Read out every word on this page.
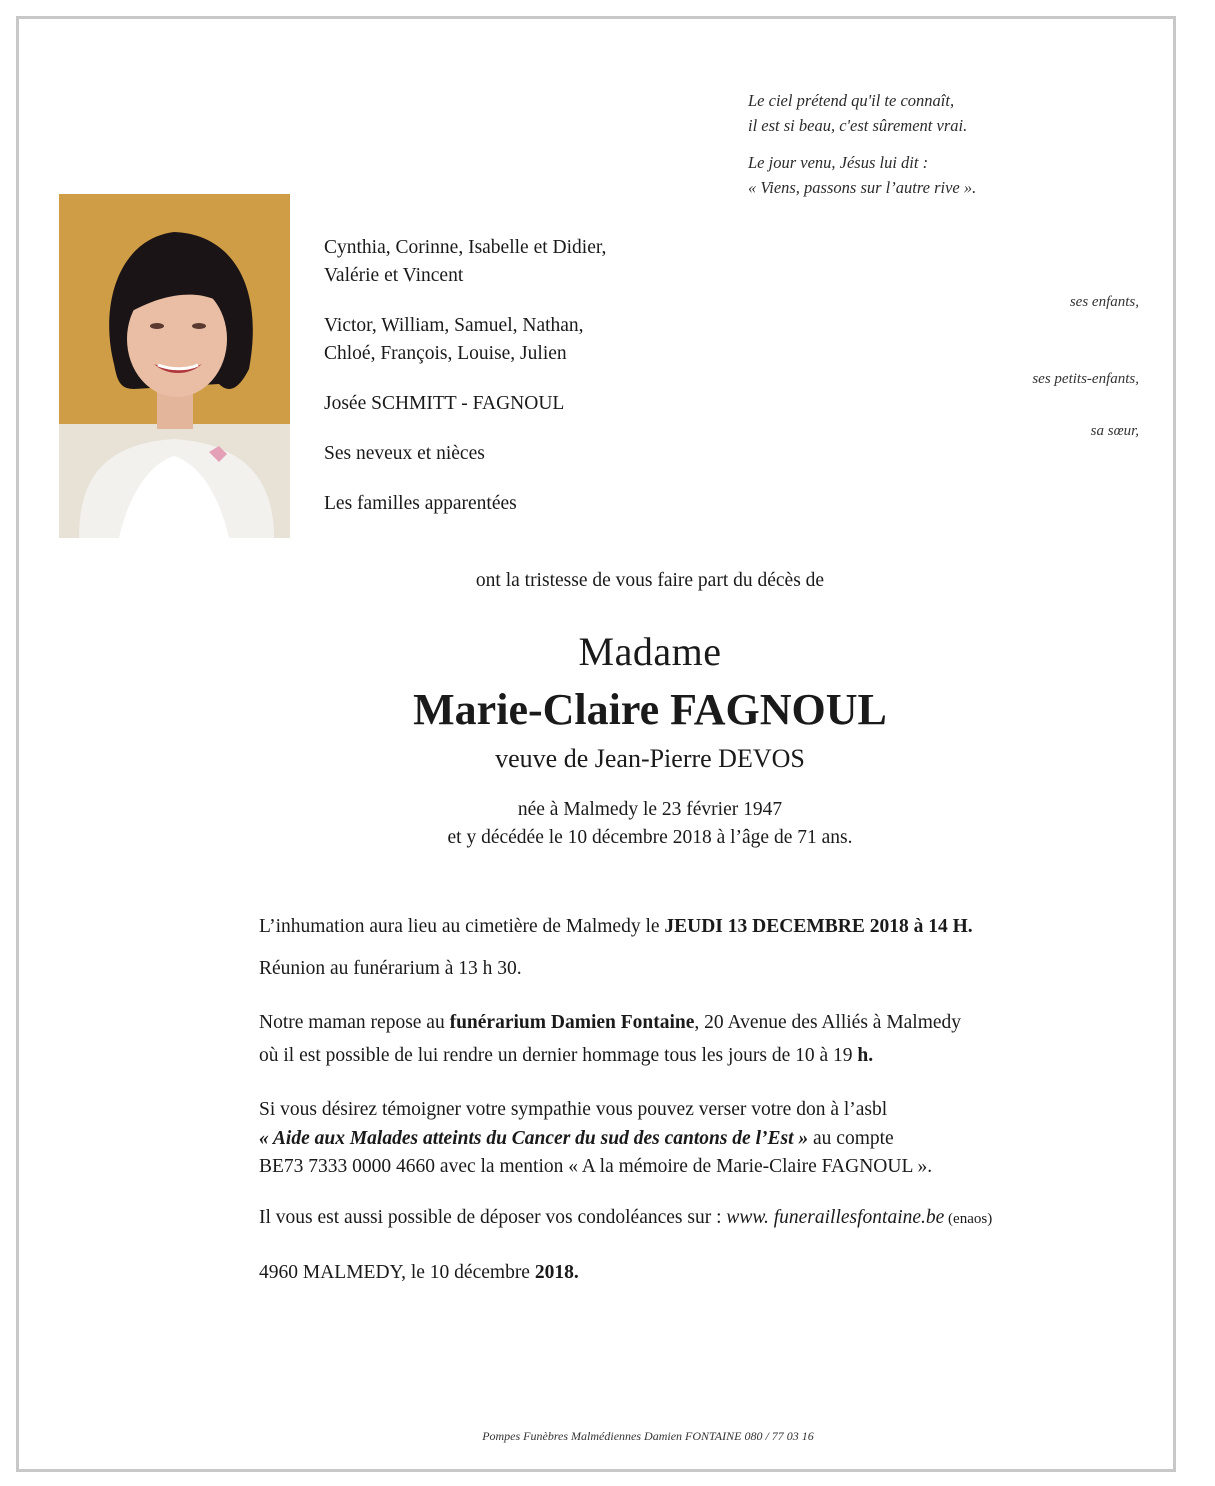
Le ciel prétend qu'il te connaît,
il est si beau, c'est sûrement vrai.
Le jour venu, Jésus lui dit :
« Viens, passons sur l’autre rive ».
Cynthia, Corinne, Isabelle et Didier,
Valérie et Vincent
ses enfants,
Victor, William, Samuel, Nathan,
Chloé, François, Louise, Julien
ses petits-enfants,
Josée SCHMITT - FAGNOUL
sa sœur,
Ses neveux et nièces
Les familles apparentées
ont la tristesse de vous faire part du décès de
Madame
Marie-Claire FAGNOUL
veuve de Jean-Pierre DEVOS
née à Malmedy le 23 février 1947
et y décédée le 10 décembre 2018 à l’âge de 71 ans.
L’inhumation aura lieu au cimetière de Malmedy le JEUDI 13 DECEMBRE 2018 à 14 H.
Réunion au funérarium à 13 h 30.
Notre maman repose au funérarium Damien Fontaine, 20 Avenue des Alliés à Malmedy
où il est possible de lui rendre un dernier hommage tous les jours de 10 à 19 h.
Si vous désirez témoigner votre sympathie vous pouvez verser votre don à l’asbl
« Aide aux Malades atteints du Cancer du sud des cantons de l’Est » au compte
BE73 7333 0000 4660 avec la mention « A la mémoire de Marie-Claire FAGNOUL ».
Il vous est aussi possible de déposer vos condoléances sur : www. funeraillesfontaine.be (enaos)
4960 MALMEDY, le 10 décembre 2018.
Pompes Funèbres Malmédiennes Damien FONTAINE 080 / 77 03 16
